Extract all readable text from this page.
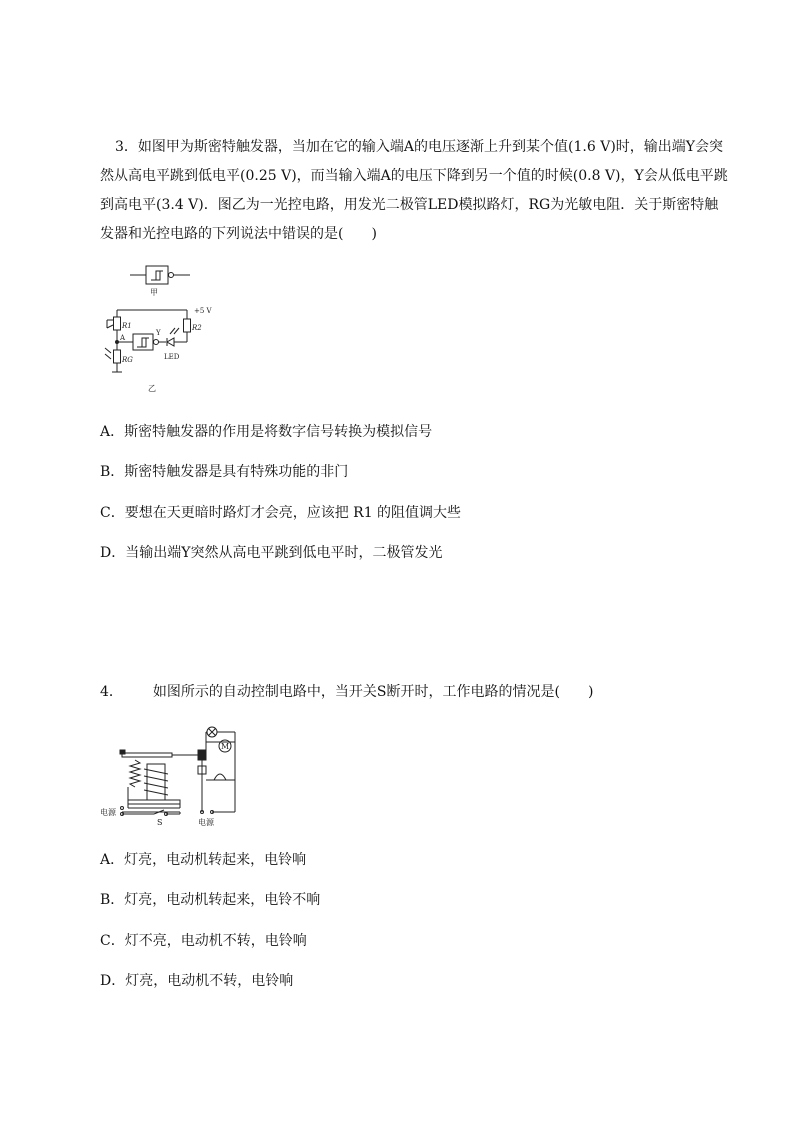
3．如图甲为斯密特触发器，当加在它的输入端A的电压逐渐上升到某个值(1.6 V)时，输出端Y会突然从高电平跳到低电平(0.25 V)，而当输入端A的电压下降到另一个值的时候(0.8 V)，Y会从低电平跳到高电平(3.4 V)．图乙为一光控电路，用发光二极管LED模拟路灯，RG为光敏电阻．关于斯密特触发器和光控电路的下列说法中错误的是(　　)
甲
+5 V
R1
A
RG
Y
LED
R2
乙
A．斯密特触发器的作用是将数字信号转换为模拟信号
B．斯密特触发器是具有特殊功能的非门
C．要想在天更暗时路灯才会亮，应该把 R1 的阻值调大些
D．当输出端Y突然从高电平跳到低电平时，二极管发光
4． 如图所示的自动控制电路中，当开关S断开时，工作电路的情况是(　　)
电源
S
M
电源
A．灯亮，电动机转起来，电铃响
B．灯亮，电动机转起来，电铃不响
C．灯不亮，电动机不转，电铃响
D．灯亮，电动机不转，电铃响
